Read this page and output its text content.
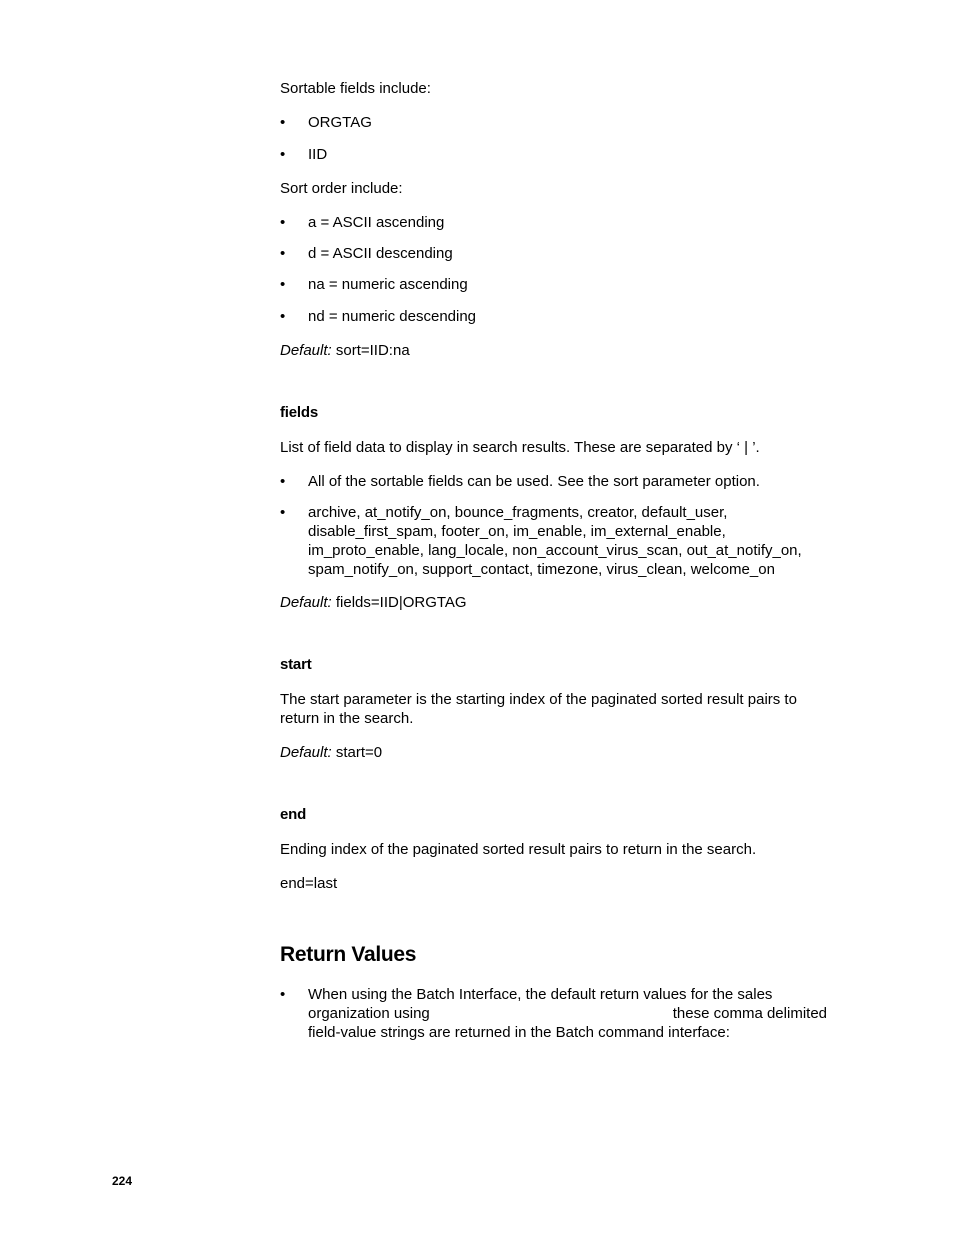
Sortable fields include:

•	ORGTAG
•	IID

Sort order include:

•	a = ASCII ascending
•	d = ASCII descending
•	na = numeric ascending
•	nd = numeric descending

Default: sort=IID:na

fields

List of field data to display in search results. These are separated by ‘ | ’.

•	All of the sortable fields can be used. See the sort parameter option.
•	archive, at_notify_on, bounce_fragments, creator, default_user, disable_first_spam, footer_on, im_enable, im_external_enable, im_proto_enable, lang_locale, non_account_virus_scan, out_at_notify_on, spam_notify_on, support_contact, timezone, virus_clean, welcome_on

Default: fields=IID|ORGTAG

start

The start parameter is the starting index of the paginated sorted result pairs to return in the search.

Default: start=0

end

Ending index of the paginated sorted result pairs to return in the search.

end=last

Return Values
•	When using the Batch Interface, the default return values for the sales organization using	these comma delimited field-value strings are returned in the Batch command interface:
224
